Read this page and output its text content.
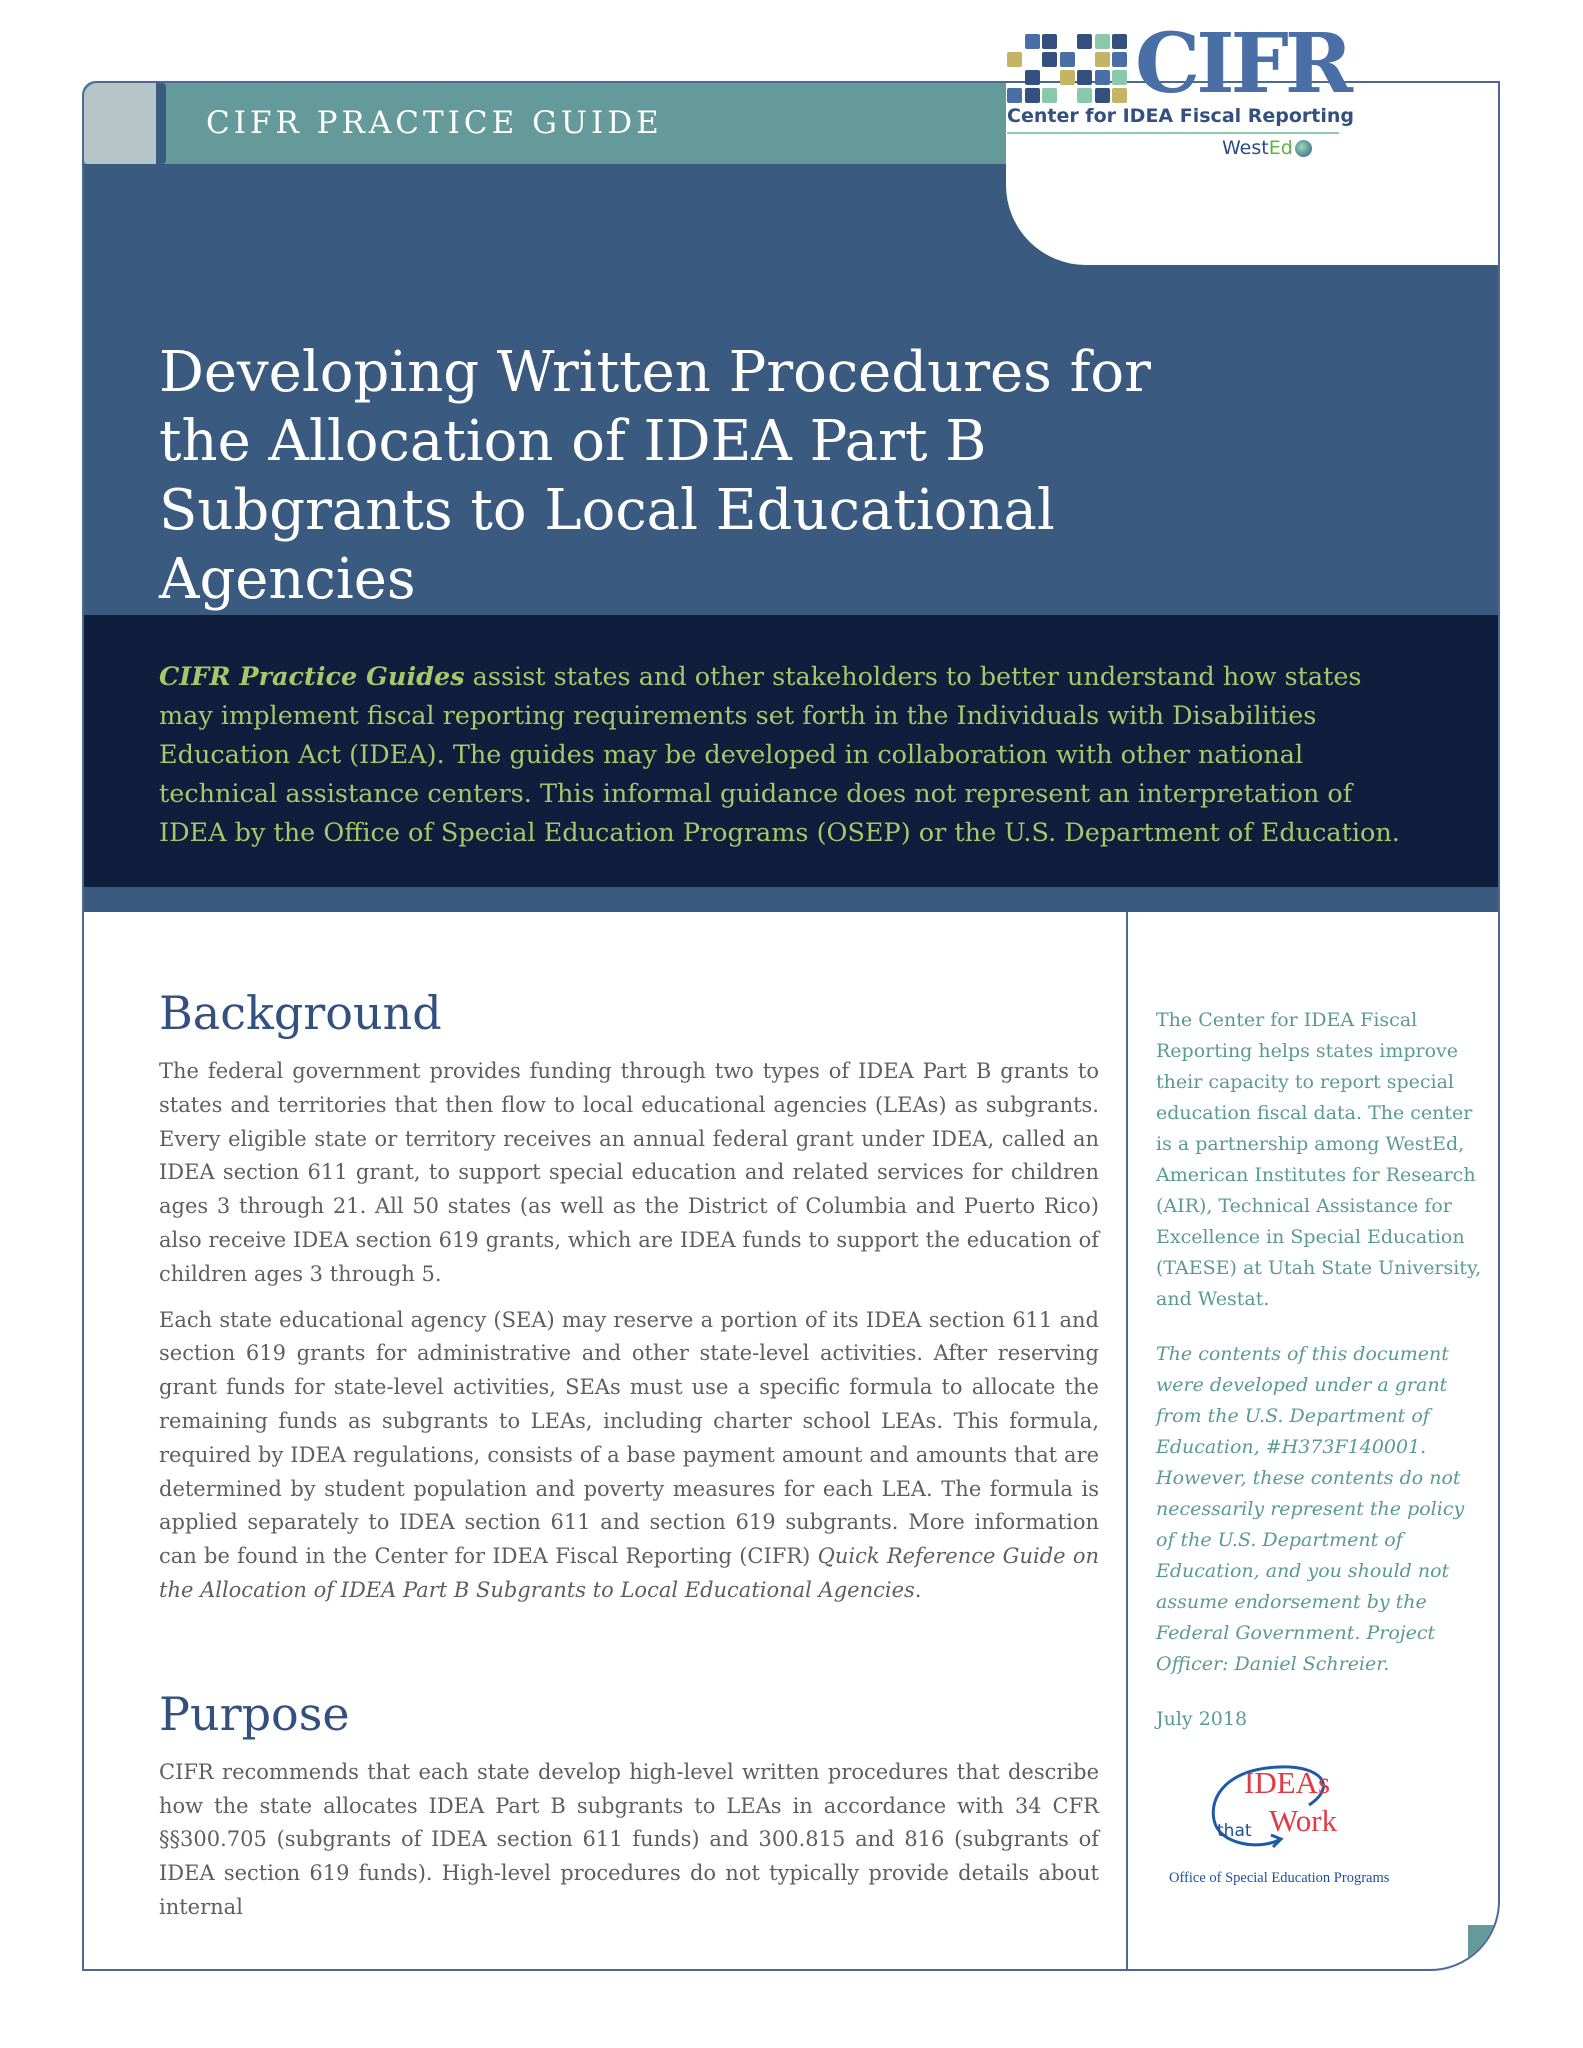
CIFR PRACTICE GUIDE
Developing Written Procedures for the Allocation of IDEA Part B Subgrants to Local Educational Agencies
CIFR Practice Guides assist states and other stakeholders to better understand how states may implement fiscal reporting requirements set forth in the Individuals with Disabilities Education Act (IDEA). The guides may be developed in collaboration with other national technical assistance centers. This informal guidance does not represent an interpretation of IDEA by the Office of Special Education Programs (OSEP) or the U.S. Department of Education.
Background

The federal government provides funding through two types of IDEA Part B grants to states and territories that then flow to local educational agencies (LEAs) as subgrants. Every eligible state or territory receives an annual federal grant under IDEA, called an IDEA section 611 grant, to support special education and related services for children ages 3 through 21. All 50 states (as well as the District of Columbia and Puerto Rico) also receive IDEA section 619 grants, which are IDEA funds to support the education of children ages 3 through 5.

Each state educational agency (SEA) may reserve a portion of its IDEA section 611 and section 619 grants for administrative and other state-level activities. After reserving grant funds for state-level activities, SEAs must use a specific formula to allocate the remaining funds as subgrants to LEAs, including charter school LEAs. This formula, required by IDEA regulations, consists of a base payment amount and amounts that are determined by student population and poverty measures for each LEA. The formula is applied separately to IDEA section 611 and section 619 subgrants. More information can be found in the Center for IDEA Fiscal Reporting (CIFR) Quick Reference Guide on the Allocation of IDEA Part B Subgrants to Local Educational Agencies.

Purpose

CIFR recommends that each state develop high-level written procedures that describe how the state allocates IDEA Part B subgrants to LEAs in accordance with 34 CFR §§300.705 (subgrants of IDEA section 611 funds) and 300.815 and 816 (subgrants of IDEA section 619 funds). High-level procedures do not typically provide details about internal

The Center for IDEA Fiscal Reporting helps states improve their capacity to report special education fiscal data. The center is a partnership among WestEd, American Institutes for Research (AIR), Technical Assistance for Excellence in Special Education (TAESE) at Utah State University, and Westat.

The contents of this document were developed under a grant from the U.S. Department of Education, #H373F140001. However, these contents do not necessarily represent the policy of the U.S. Department of Education, and you should not assume endorsement by the Federal Government. Project Officer: Daniel Schreier.

July 2018

IDEAs
that Work
Office of Special Education Programs
1
CIFR
Center for IDEA Fiscal Reporting
WestEd
